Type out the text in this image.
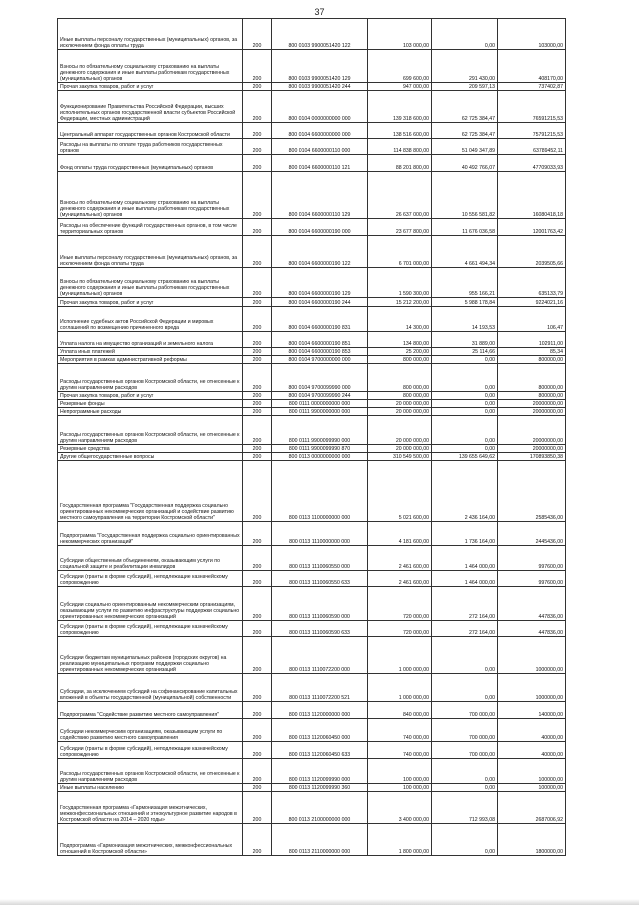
37
Иные выплаты персоналу государственных (муниципальных) органов, за исключением фонда оплаты труда	200	800 0103 9900051420 122	103 000,00	0,00	103000,00
Взносы по обязательному социальному страхованию на выплаты денежного содержания и иные выплаты работникам государственных (муниципальных) органов	200	800 0103 9900051420 129	699 600,00	291 430,00	408170,00
Прочая закупка товаров, работ и услуг	200	800 0103 9900051420 244	947 000,00	209 597,13	737402,87
Функционирование Правительства Российской Федерации, высших исполнительных органов государственной власти субъектов Российской Федерации, местных администраций	200	800 0104 0000000000 000	139 318 600,00	62 725 384,47	76591215,53
Центральный аппарат государственных органов Костромской области	200	800 0104 6600000000 000	138 516 600,00	62 725 384,47	75791215,53
Расходы на выплаты по оплате труда работников государственных органов	200	800 0104 6600000110 000	114 838 800,00	51 049 347,89	63789452,11
Фонд оплаты труда государственных (муниципальных) органов	200	800 0104 6600000110 121	88 201 800,00	40 492 766,07	47709033,93
Взносы по обязательному социальному страхованию на выплаты денежного содержания и иные выплаты работникам государственных (муниципальных) органов	200	800 0104 6600000110 129	26 637 000,00	10 556 581,82	16080418,18
Расходы на обеспечение функций государственных органов, в том числе территориальных органов	200	800 0104 6600000190 000	23 677 800,00	11 676 036,58	12001763,42
Иные выплаты персоналу государственных (муниципальных) органов, за исключением фонда оплаты труда	200	800 0104 6600000190 122	6 701 000,00	4 661 494,34	2039505,66
Взносы по обязательному социальному страхованию на выплаты денежного содержания и иные выплаты работникам государственных (муниципальных) органов	200	800 0104 6600000190 129	1 590 300,00	955 166,21	635133,79
Прочая закупка товаров, работ и услуг	200	800 0104 6600000190 244	15 212 200,00	5 988 178,84	9224021,16
Исполнение судебных актов Российской Федерации и мировых соглашений по возмещению причиненного вреда	200	800 0104 6600000190 831	14 300,00	14 193,53	106,47
Уплата налога на имущество организаций и земельного налога	200	800 0104 6600000190 851	134 800,00	31 889,00	102911,00
Уплата иных платежей	200	800 0104 6600000190 853	25 200,00	25 114,66	85,34
Мероприятия в рамках административной реформы	200	800 0104 9700000000 000	800 000,00	0,00	800000,00
Расходы государственных органов Костромской области, не отнесенные к другим направлениям расходов	200	800 0104 9700099990 000	800 000,00	0,00	800000,00
Прочая закупка товаров, работ и услуг	200	800 0104 9700099990 244	800 000,00	0,00	800000,00
Резервные фонды	200	800 0111 0000000000 000	20 000 000,00	0,00	20000000,00
Непрограммные расходы	200	800 0111 9900000000 000	20 000 000,00	0,00	20000000,00
Расходы государственных органов Костромской области, не отнесенные к другим направлениям расходов	200	800 0111 9900099990 000	20 000 000,00	0,00	20000000,00
Резервные средства	200	800 0111 9900099990 870	20 000 000,00	0,00	20000000,00
Другие общегосударственные вопросы	200	800 0113 0000000000 000	310 549 500,00	139 655 649,62	170893850,38
Государственная программа "Государственная поддержка социально ориентированных некоммерческих организаций и содействие развитию местного самоуправления на территории Костромской области"	200	800 0113 1100000000 000	5 021 600,00	2 436 164,00	2585436,00
Подпрограмма "Государственная поддержка социально ориентированных некоммерческих организаций"	200	800 0113 1110000000 000	4 181 600,00	1 736 164,00	2445436,00
Субсидии общественным объединениям, оказывающим услуги по социальной защите и реабилитации инвалидов	200	800 0113 1110060550 000	2 461 600,00	1 464 000,00	997600,00
Субсидии (гранты в форме субсидий), неподлежащие казначейскому сопровождению	200	800 0113 1110060550 633	2 461 600,00	1 464 000,00	997600,00
Субсидии социально ориентированным некоммерческим организациям, оказывающим услуги по развитию инфраструктуры поддержки социально ориентированных некоммерческих организаций	200	800 0113 1110060590 000	720 000,00	272 164,00	447836,00
Субсидии (гранты в форме субсидий), неподлежащие казначейскому сопровождению	200	800 0113 1110060590 633	720 000,00	272 164,00	447836,00
Субсидии бюджетам муниципальных районов (городских округов) на реализацию муниципальных программ поддержки социально ориентированных некоммерческих организаций	200	800 0113 1110072200 000	1 000 000,00	0,00	1000000,00
Субсидии, за исключением субсидий на софинансирование капитальных вложений в объекты государственной (муниципальной) собственности	200	800 0113 1110072200 521	1 000 000,00	0,00	1000000,00
Подпрограмма "Содействие развитию местного самоуправления"	200	800 0113 1120000000 000	840 000,00	700 000,00	140000,00
Субсидии некоммерческим организациям, оказывающим услуги по содействию развитию местного самоуправления	200	800 0113 1120060450 000	740 000,00	700 000,00	40000,00
Субсидии (гранты в форме субсидий), неподлежащие казначейскому сопровождению	200	800 0113 1120060450 633	740 000,00	700 000,00	40000,00
Расходы государственных органов Костромской области, не отнесенные к другим направлениям расходов	200	800 0113 1120099990 000	100 000,00	0,00	100000,00
Иные выплаты населению	200	800 0113 1120099990 360	100 000,00	0,00	100000,00
Государственная программа «Гармонизация межэтнических, межконфессиональных отношений и этнокультурное развитие народов в Костромской области на 2014 – 2020 годы»	200	800 0113 2100000000 000	3 400 000,00	712 993,08	2687006,92
Подпрограмма «Гармонизация межэтнических, межконфессиональных отношений в Костромской области»	200	800 0113 2110000000 000	1 800 000,00	0,00	1800000,00
